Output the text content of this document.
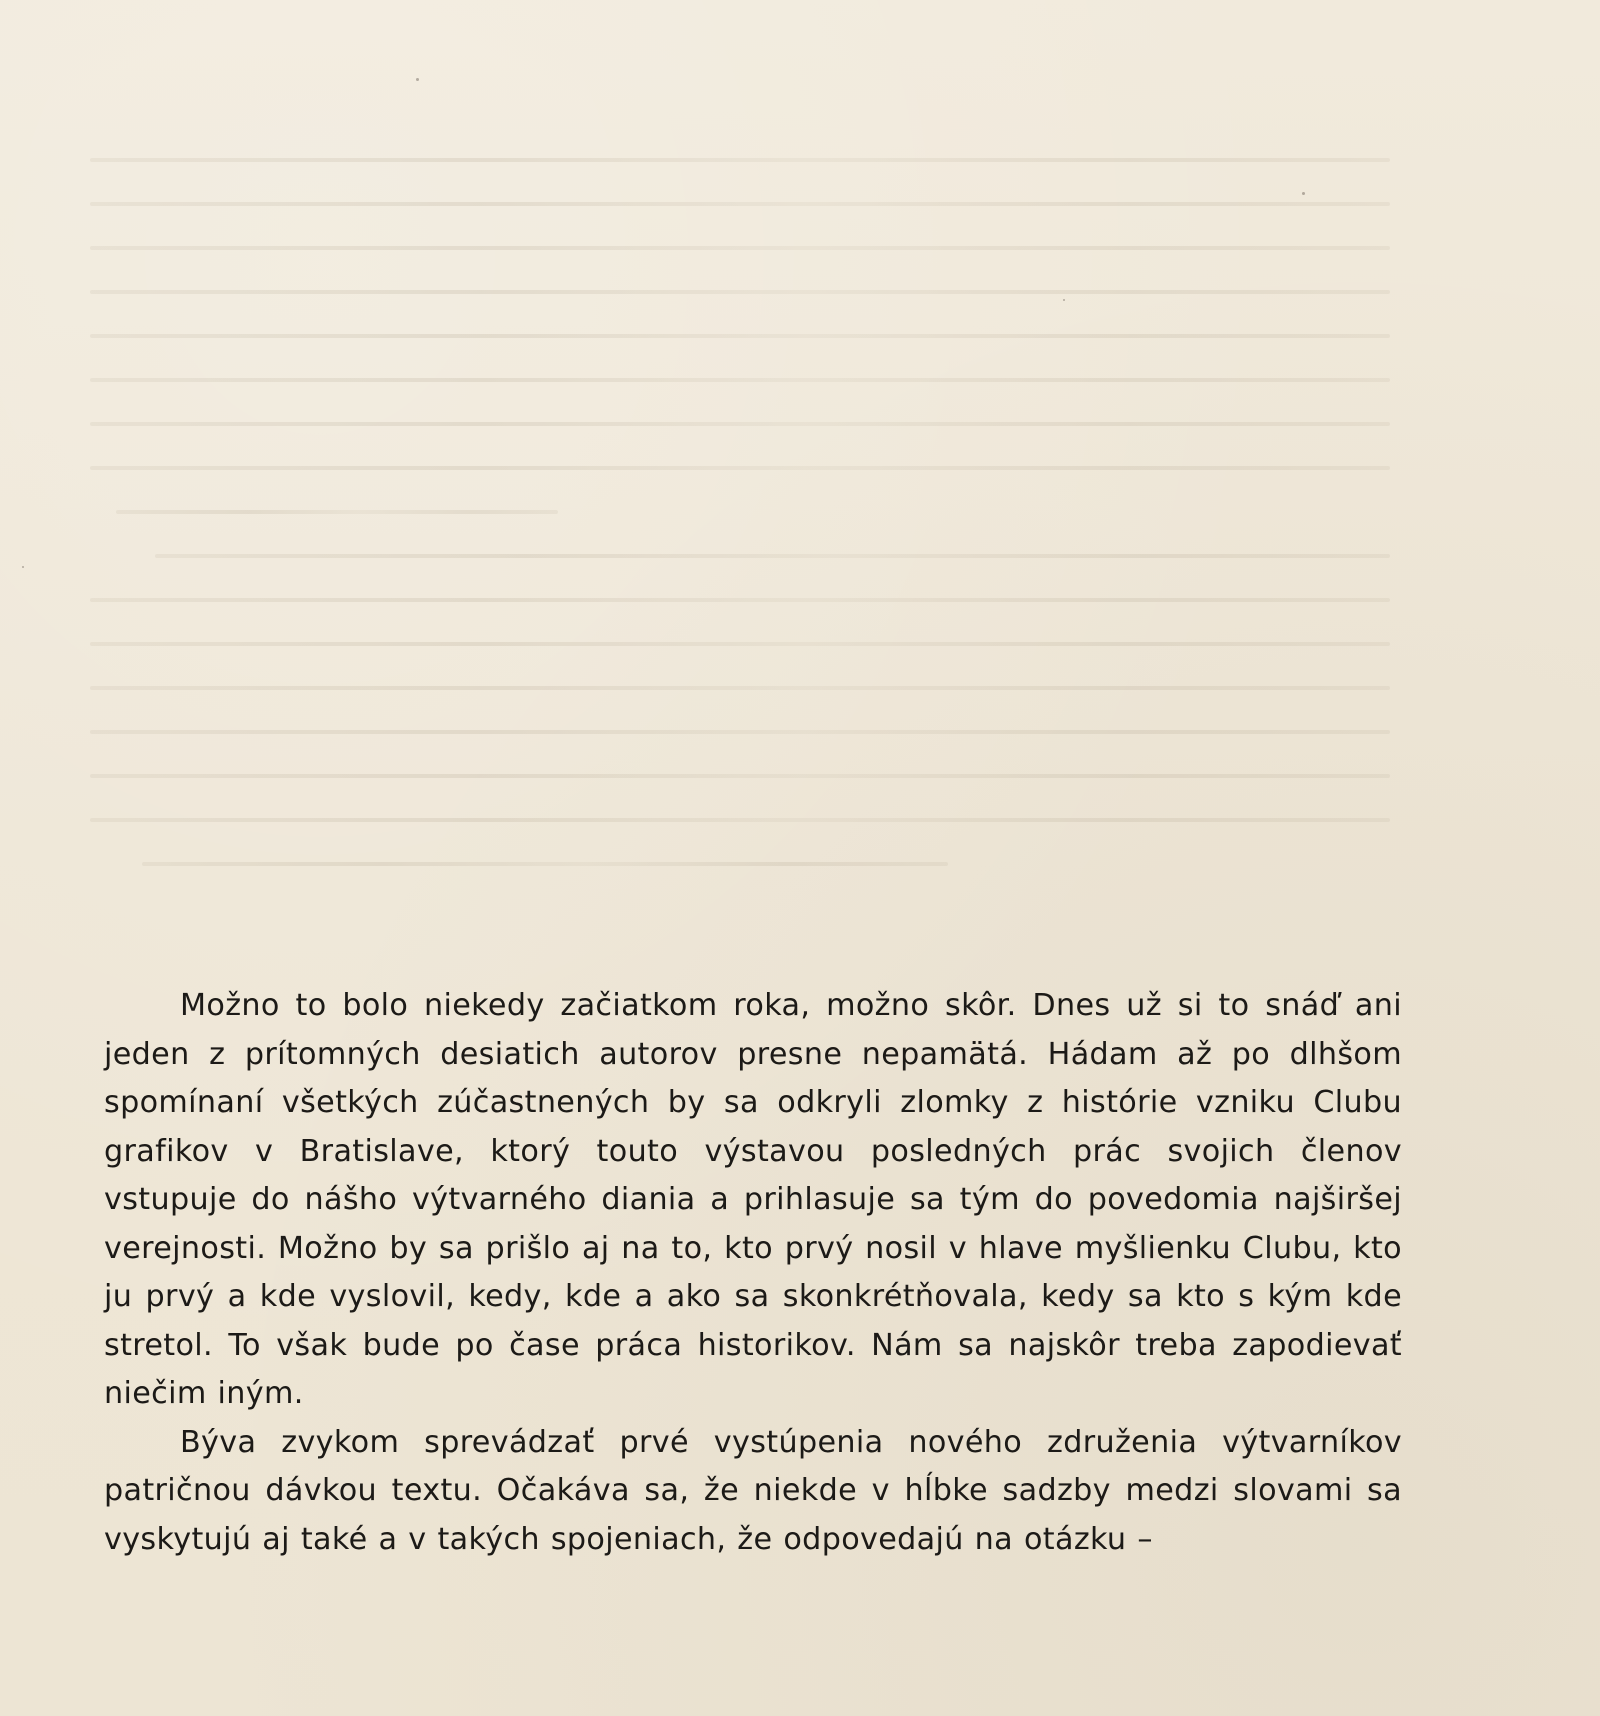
Možno to bolo niekedy začiatkom roka, možno skôr. Dnes už si to snáď ani jeden z prítomných desiatich autorov presne nepamätá. Hádam až po dlhšom spomínaní všetkých zúčastnených by sa odkryli zlomky z histórie vzniku Clubu grafikov v Bratislave, ktorý touto výstavou posledných prác svojich členov vstupuje do nášho výtvarného diania a prihlasuje sa tým do povedomia najširšej verejnosti. Možno by sa prišlo aj na to, kto prvý nosil v hlave myšlienku Clubu, kto ju prvý a kde vyslovil, kedy, kde a ako sa skonkrétňovala, kedy sa kto s kým kde stretol. To však bude po čase práca historikov. Nám sa najskôr treba zapodievať niečim iným.

Býva zvykom sprevádzať prvé vystúpenia nového združenia výtvarníkov patričnou dávkou textu. Očakáva sa, že niekde v hĺbke sadzby medzi slovami sa vyskytujú aj také a v takých spojeniach, že odpovedajú na otázku –
